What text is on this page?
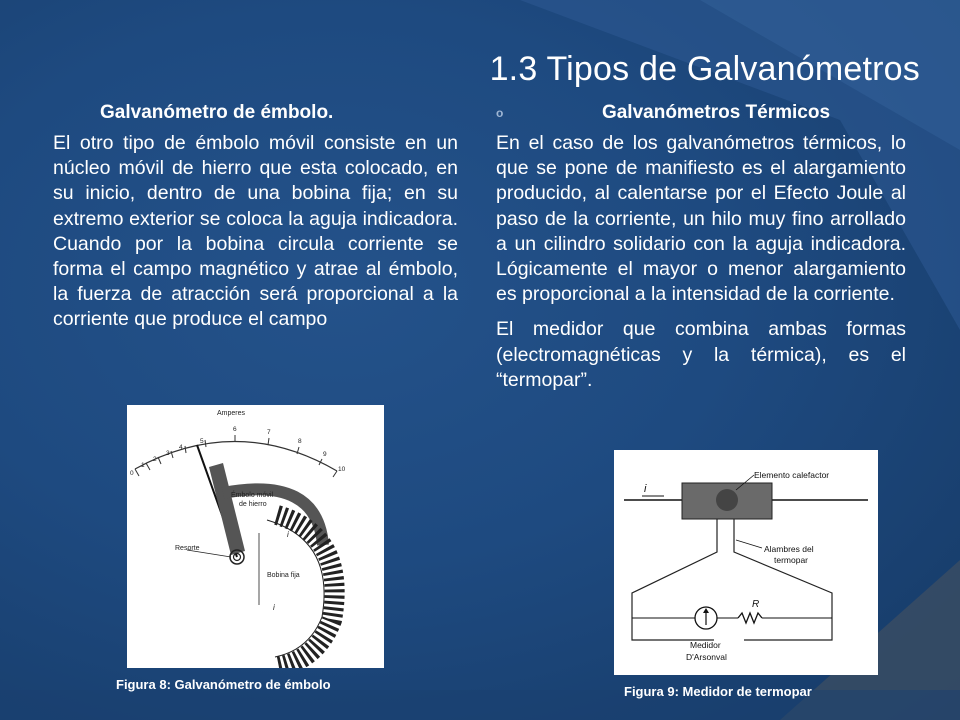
1.3 Tipos de Galvanómetros

Galvanómetro de émbolo.

El otro tipo de émbolo móvil consiste en un núcleo móvil de hierro que esta colocado, en su inicio, dentro de una bobina fija; en su extremo exterior se coloca la aguja indicadora. Cuando por la bobina circula corriente se forma el campo magnético y atrae al émbolo, la fuerza de atracción será proporcional a la corriente que produce el campo

o	Galvanómetros Térmicos

En el caso de los galvanómetros térmicos, lo que se pone de manifiesto es el alargamiento producido, al calentarse por el Efecto Joule al paso de la corriente, un hilo muy fino arrollado a un cilindro solidario con la aguja indicadora. Lógicamente el mayor o menor alargamiento es proporcional a la intensidad de la corriente.

El medidor que combina ambas formas (electromagnéticas y la térmica), es el “termopar”.

0
1
2
3
4
5
6	7
8
9
10
Amperes
Resorte
Émbolo móvil
de hierro
Bobina fija
i
i
Figura 8: Galvanómetro de émbolo
i
Elemento calefactor
Alambres del
termopar
R
Medidor
D'Arsonval
Figura 9: Medidor de termopar
